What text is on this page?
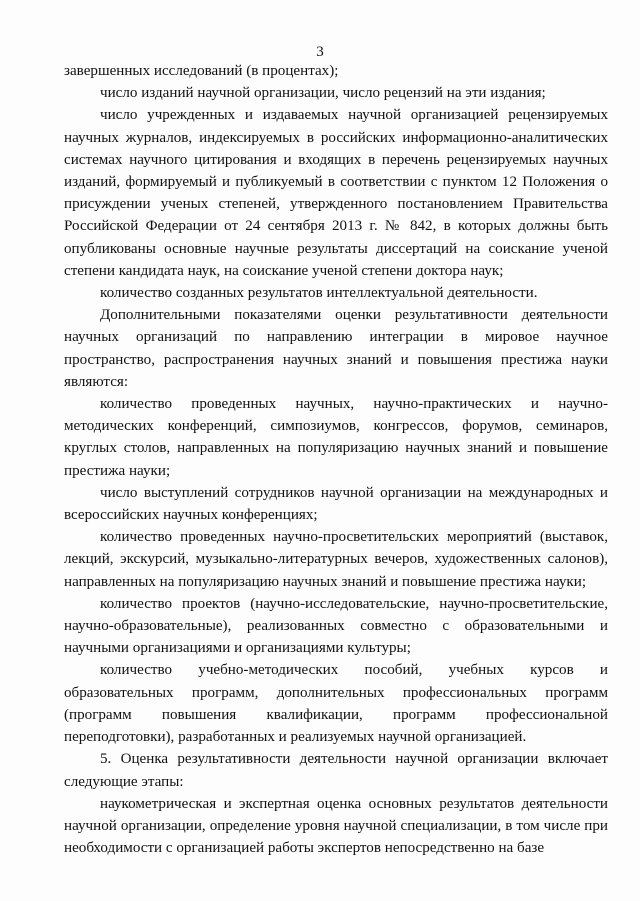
3

завершенных исследований (в процентах);

число изданий научной организации, число рецензий на эти издания;

число учрежденных и издаваемых научной организацией рецензируемых научных журналов, индексируемых в российских информационно-аналитических системах научного цитирования и входящих в перечень рецензируемых научных изданий, формируемый и публикуемый в соответствии с пунктом 12 Положения о присуждении ученых степеней, утвержденного постановлением Правительства Российской Федерации от 24 сентября 2013 г. № 842, в которых должны быть опубликованы основные научные результаты диссертаций на соискание ученой степени кандидата наук, на соискание ученой степени доктора наук;

количество созданных результатов интеллектуальной деятельности.

Дополнительными показателями оценки результативности деятельности научных организаций по направлению интеграции в мировое научное пространство, распространения научных знаний и повышения престижа науки являются:

количество проведенных научных, научно-практических и научно-методических конференций, симпозиумов, конгрессов, форумов, семинаров, круглых столов, направленных на популяризацию научных знаний и повышение престижа науки;

число выступлений сотрудников научной организации на международных и всероссийских научных конференциях;

количество проведенных научно-просветительских мероприятий (выставок, лекций, экскурсий, музыкально-литературных вечеров, художественных салонов), направленных на популяризацию научных знаний и повышение престижа науки;

количество проектов (научно-исследовательские, научно-просветительские, научно-образовательные), реализованных совместно с образовательными и научными организациями и организациями культуры;

количество учебно-методических пособий, учебных курсов и образовательных программ, дополнительных профессиональных программ (программ повышения квалификации, программ профессиональной переподготовки), разработанных и реализуемых научной организацией.

5. Оценка результативности деятельности научной организации включает следующие этапы:

наукометрическая и экспертная оценка основных результатов деятельности научной организации, определение уровня научной специализации, в том числе при необходимости с организацией работы экспертов непосредственно на базе
